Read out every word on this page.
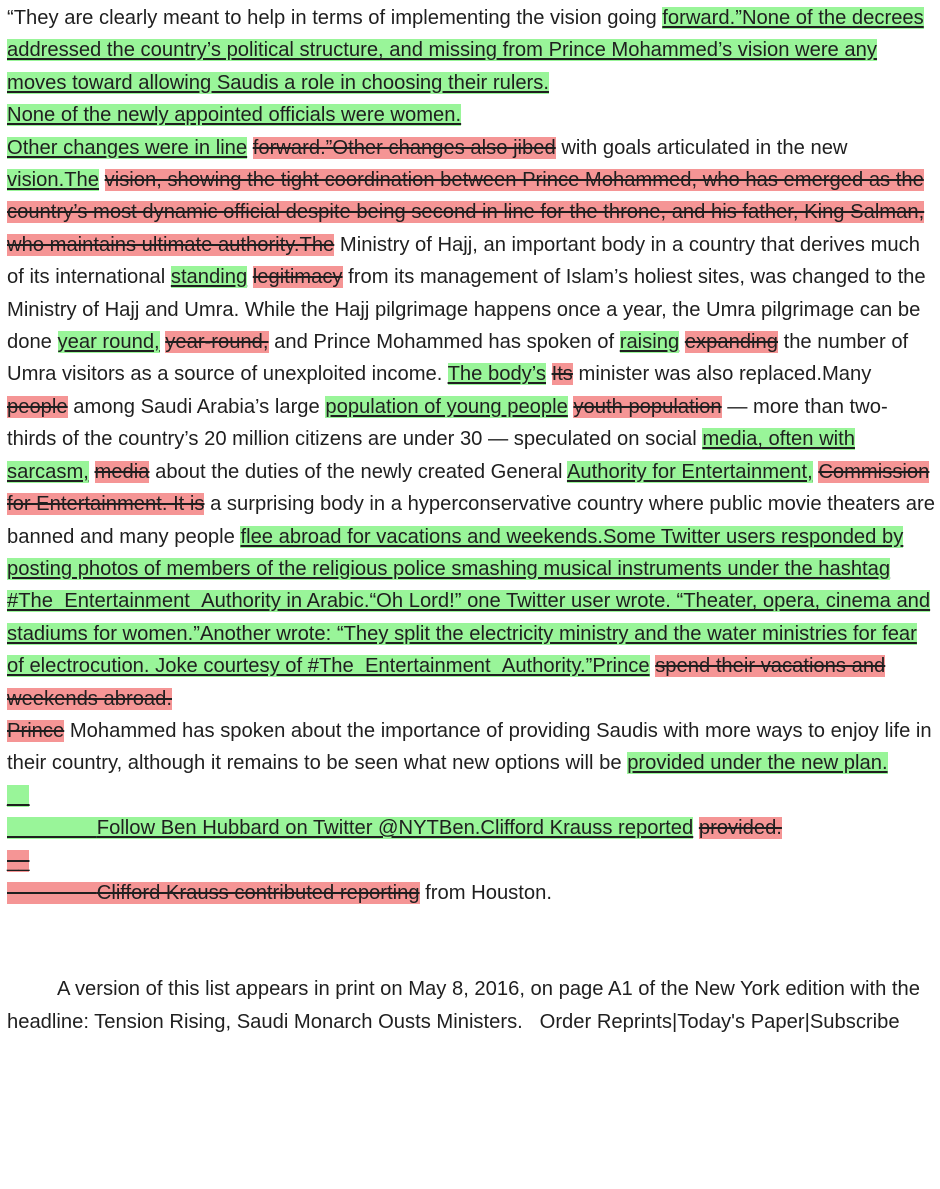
“They are clearly meant to help in terms of implementing the vision going forward.”None of the decrees addressed the country’s political structure, and missing from Prince Mohammed’s vision were any moves toward allowing Saudis a role in choosing their rulers.
None of the newly appointed officials were women.
Other changes were in line forward.”Other changes also jibed with goals articulated in the new vision.The vision, showing the tight coordination between Prince Mohammed, who has emerged as the country’s most dynamic official despite being second in line for the throne, and his father, King Salman, who maintains ultimate authority.The Ministry of Hajj, an important body in a country that derives much of its international standing legitimacy from its management of Islam’s holiest sites, was changed to the Ministry of Hajj and Umra. While the Hajj pilgrimage happens once a year, the Umra pilgrimage can be done year round, year-round, and Prince Mohammed has spoken of raising expanding the number of Umra visitors as a source of unexploited income. The body’s Its minister was also replaced.Many people among Saudi Arabia’s large population of young people youth population — more than two-thirds of the country’s 20 million citizens are under 30 — speculated on social media, often with sarcasm, media about the duties of the newly created General Authority for Entertainment, Commission for Entertainment. It is a surprising body in a hyperconservative country where public movie theaters are banned and many people flee abroad for vacations and weekends.Some Twitter users responded by posting photos of members of the religious police smashing musical instruments under the hashtag #The_Entertainment_Authority in Arabic.“Oh Lord!” one Twitter user wrote. “Theater, opera, cinema and stadiums for women.”Another wrote: “They split the electricity ministry and the water ministries for fear of electrocution. Joke courtesy of #The_Entertainment_Authority.”Prince spend their vacations and weekends abroad.
Prince Mohammed has spoken about the importance of providing Saudis with more ways to enjoy life in their country, although it remains to be seen what new options will be provided under the new plan.
__
Follow Ben Hubbard on Twitter @NYTBen.Clifford Krauss reported provided.
__
Clifford Krauss contributed reporting from Houston.

A version of this list appears in print on May 8, 2016, on page A1 of the New York edition with the headline: Tension Rising, Saudi Monarch Ousts Ministers. Order Reprints|Today's Paper|Subscribe
